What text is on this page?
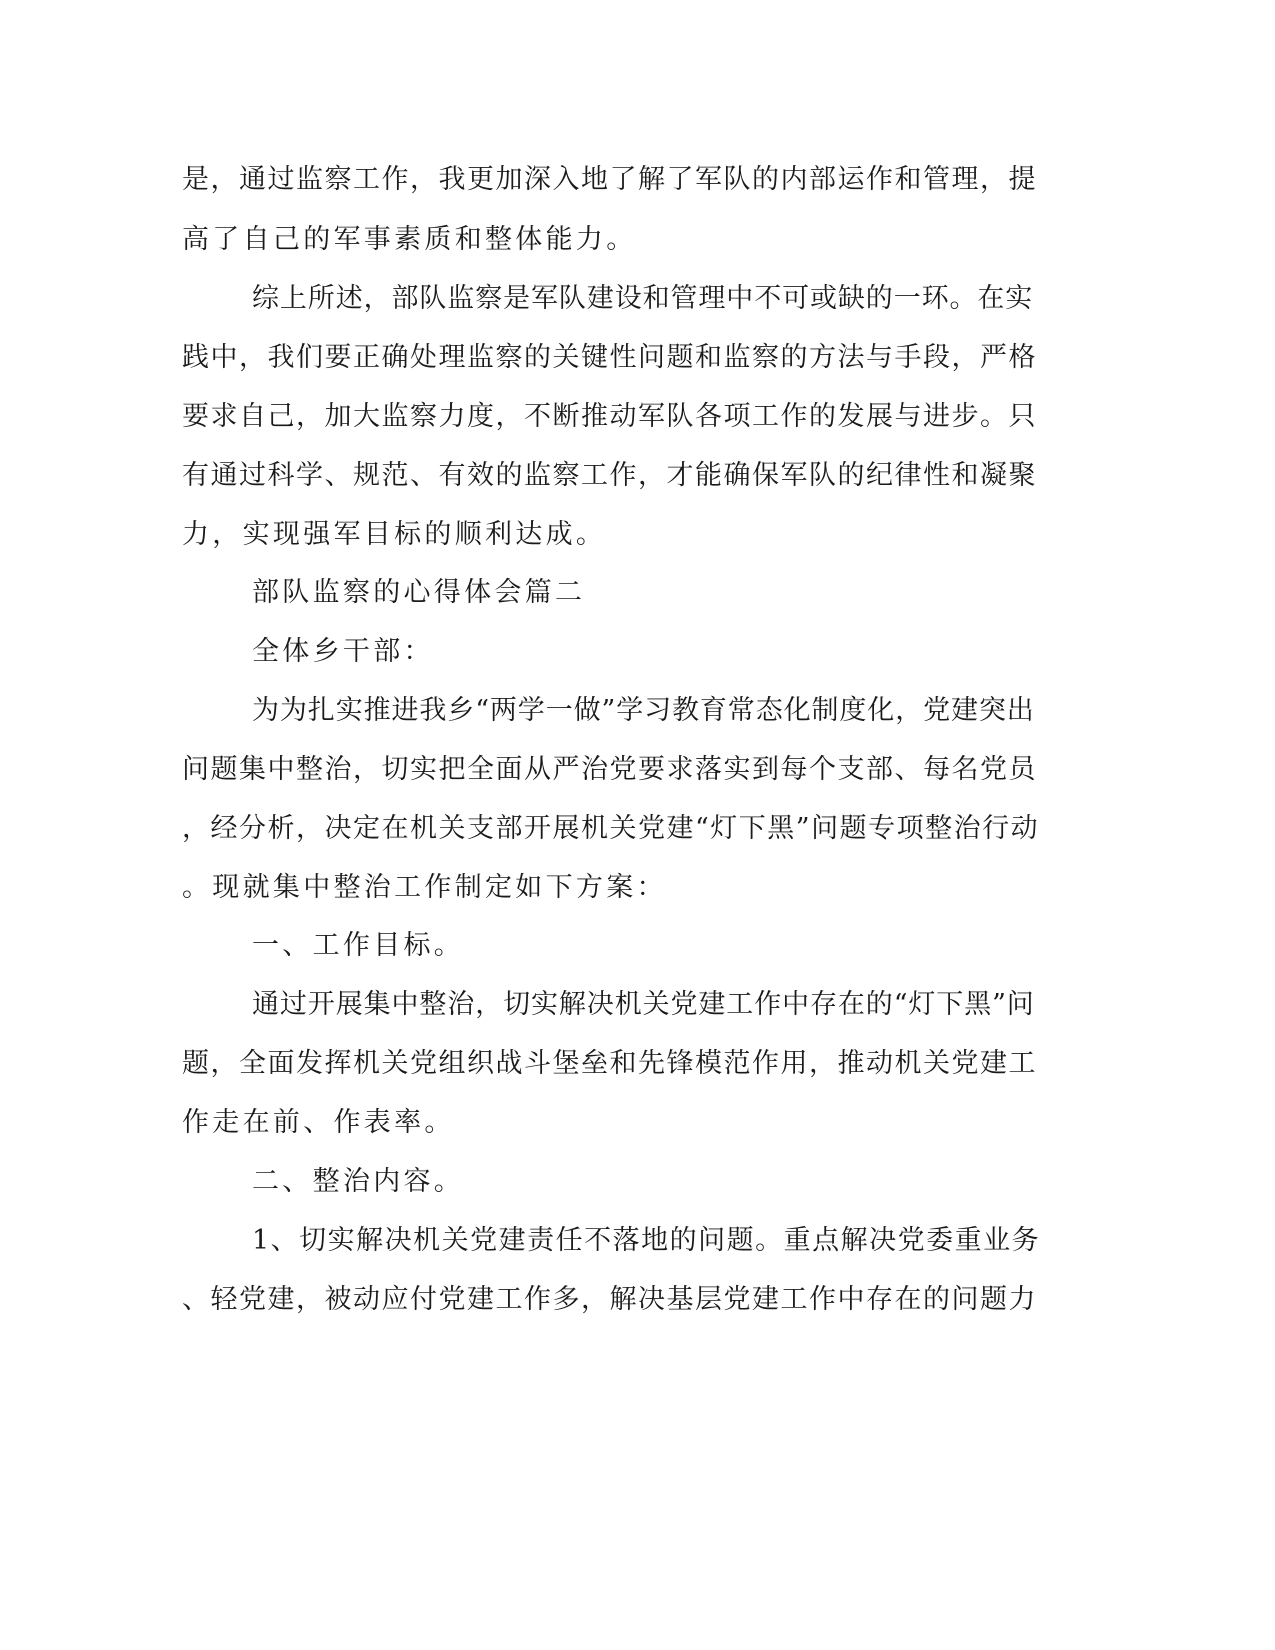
是，通过监察工作，我更加深入地了解了军队的内部运作和管理，提
高了自己的军事素质和整体能力。
综上所述，部队监察是军队建设和管理中不可或缺的一环。在实
践中，我们要正确处理监察的关键性问题和监察的方法与手段，严格
要求自己，加大监察力度，不断推动军队各项工作的发展与进步。只
有通过科学、规范、有效的监察工作，才能确保军队的纪律性和凝聚
力，实现强军目标的顺利达成。
部队监察的心得体会篇二
全体乡干部：
为为扎实推进我乡“两学一做”学习教育常态化制度化，党建突出
问题集中整治，切实把全面从严治党要求落实到每个支部、每名党员
，经分析，决定在机关支部开展机关党建“灯下黑”问题专项整治行动
。现就集中整治工作制定如下方案：
一、工作目标。
通过开展集中整治，切实解决机关党建工作中存在的“灯下黑”问
题，全面发挥机关党组织战斗堡垒和先锋模范作用，推动机关党建工
作走在前、作表率。
二、整治内容。
1、切实解决机关党建责任不落地的问题。重点解决党委重业务
、轻党建，被动应付党建工作多，解决基层党建工作中存在的问题力
